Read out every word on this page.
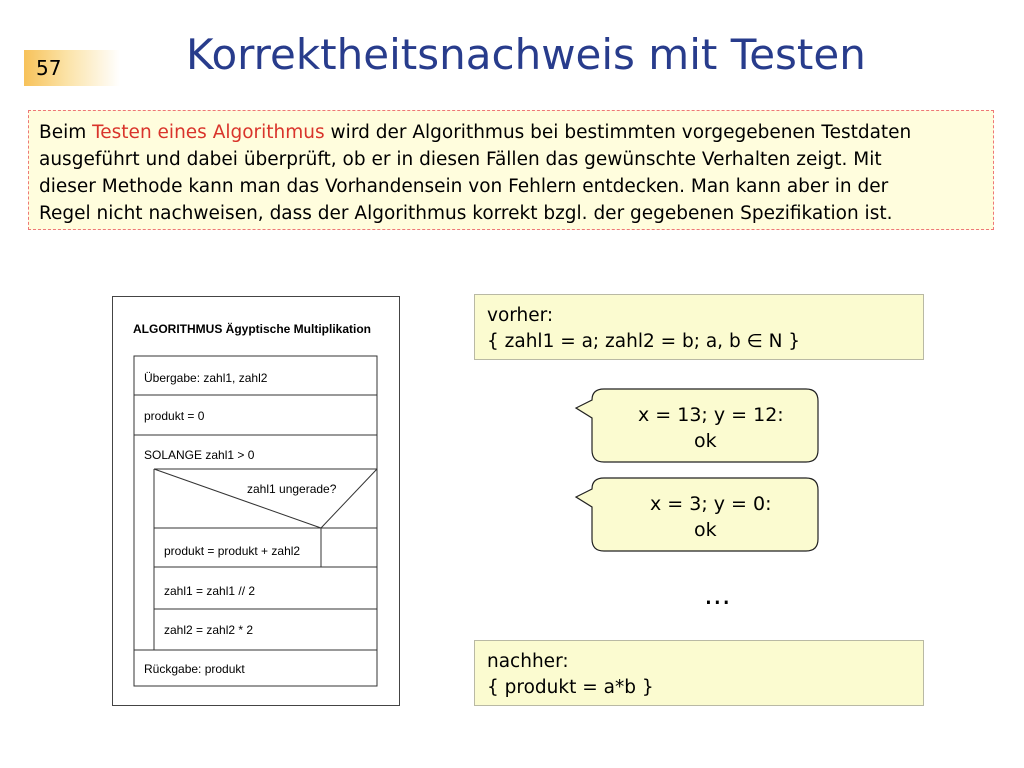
57	Korrektheitsnachweis mit Testen

Beim Testen eines Algorithmus wird der Algorithmus bei bestimmten vorgegebenen Testdaten

ausgeführt und dabei überprüft, ob er in diesen Fällen das gewünschte Verhalten zeigt. Mit

dieser Methode kann man das Vorhandensein von Fehlern entdecken. Man kann aber in der

Regel nicht nachweisen, dass der Algorithmus korrekt bzgl. der gegebenen Spezifikation ist.

ALGORITHMUS Ägyptische Multiplikation
Übergabe: zahl1, zahl2
produkt = 0
SOLANGE zahl1 > 0
zahl1 ungerade?
produkt = produkt + zahl2
zahl1 = zahl1 // 2
zahl2 = zahl2 * 2
Rückgabe: produkt
vorher:
{ zahl1 = a; zahl2 = b; a, b ∈ N }
x = 13; y = 12:
ok
x = 3; y = 0:
ok
...
nachher:
{ produkt = a*b }
